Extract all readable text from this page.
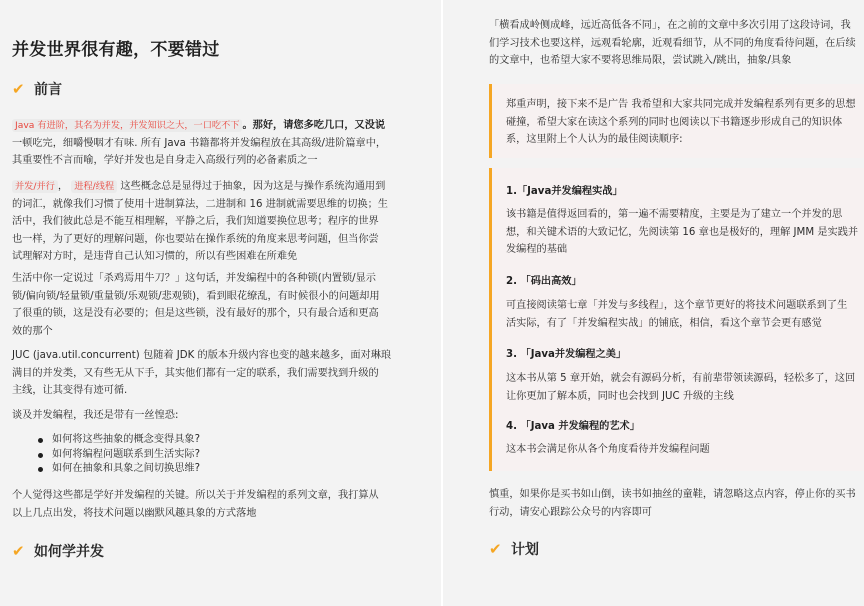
并发世界很有趣，不要错过
✔ 前言
Java 有进阶，其名为并发，并发知识之大，一口吃不下 。那好，请您多吃几口，又没说
一顿吃完，细嚼慢咽才有味. 所有 Java 书籍都将并发编程放在其高级/进阶篇章中，
其重要性不言而喻，学好并发也是自身走入高级行列的必备素质之一
并发/并行 ， 进程/线程 这些概念总是显得过于抽象，因为这是与操作系统沟通用到
的词汇，就像我们习惯了使用十进制算法，二进制和 16 进制就需要思维的切换；生
活中，我们彼此总是不能互相理解，平静之后，我们知道要换位思考；程序的世界
也一样，为了更好的理解问题，你也要站在操作系统的角度来思考问题，但当你尝
试理解对方时，是违背自己认知习惯的，所以有些困难在所难免
生活中你一定说过「杀鸡焉用牛刀？」这句话，并发编程中的各种锁(内置锁/显示
锁/偏向锁/轻量锁/重量锁/乐观锁/悲观锁)，看到眼花缭乱，有时候很小的问题却用
了很重的锁，这是没有必要的；但是这些锁，没有最好的那个，只有最合适和更高
效的那个
JUC (java.util.concurrent) 包随着 JDK 的版本升级内容也变的越来越多，面对琳琅
满目的并发类，又有些无从下手，其实他们都有一定的联系，我们需要找到升级的
主线，让其变得有迹可循.
谈及并发编程，我还是带有一丝惶恐:
如何将这些抽象的概念变得具象?
如何将编程问题联系到生活实际?
如何在抽象和具象之间切换思维?
个人觉得这些都是学好并发编程的关键。所以关于并发编程的系列文章，我打算从
以上几点出发，将技术问题以幽默风趣具象的方式落地
✔ 如何学并发
「横看成岭侧成峰，远近高低各不同」，在之前的文章中多次引用了这段诗词，我
们学习技术也要这样，远观看轮廓，近观看细节，从不同的角度看待问题，在后续
的文章中，也希望大家不要将思维局限，尝试跳入/跳出，抽象/具象
郑重声明，接下来不是广告 我希望和大家共同完成并发编程系列有更多的思想
碰撞，希望大家在读这个系列的同时也阅读以下书籍逐步形成自己的知识体
系，这里附上个人认为的最佳阅读顺序:
1.「Java并发编程实战」
该书籍是值得返回看的，第一遍不需要精度，主要是为了建立一个并发的思
想，和关键术语的大致记忆，先阅读第 16 章也是极好的，理解 JMM 是实践并
发编程的基础
2. 「码出高效」
可直接阅读第七章「并发与多线程」，这个章节更好的将技术问题联系到了生
活实际，有了「并发编程实战」的铺底，相信，看这个章节会更有感觉
3. 「Java并发编程之美」
这本书从第 5 章开始，就会有源码分析，有前辈带领读源码，轻松多了，这回
让你更加了解本质，同时也会找到 JUC 升级的主线
4. 「Java 并发编程的艺术」
这本书会满足你从各个角度看待并发编程问题
慎重，如果你是买书如山倒，读书如抽丝的童鞋，请忽略这点内容，停止你的买书
行动，请安心跟踪公众号的内容即可
✔ 计划
